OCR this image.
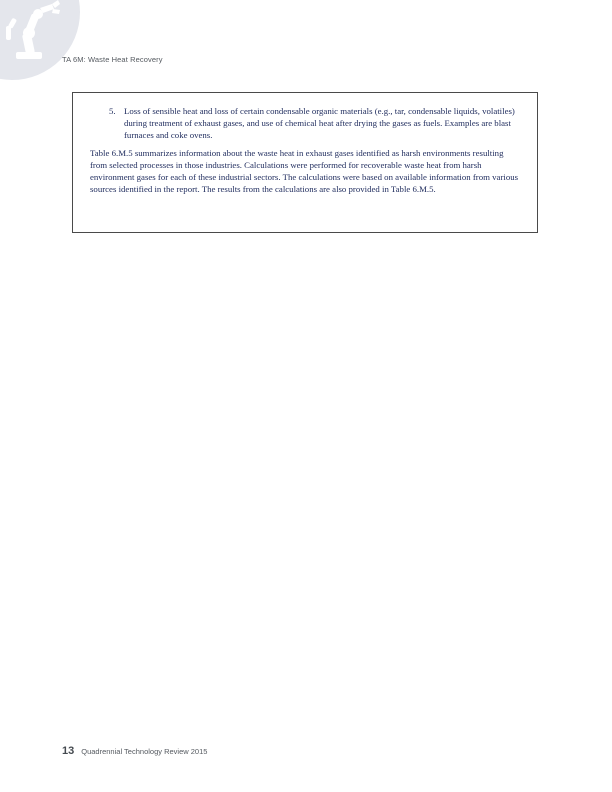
TA 6M: Waste Heat Recovery
5. Loss of sensible heat and loss of certain condensable organic materials (e.g., tar, condensable liquids, volatiles) during treatment of exhaust gases, and use of chemical heat after drying the gases as fuels. Examples are blast furnaces and coke ovens.

Table 6.M.5 summarizes information about the waste heat in exhaust gases identified as harsh environments resulting from selected processes in those industries. Calculations were performed for recoverable waste heat from harsh environment gases for each of these industrial sectors. The calculations were based on available information from various sources identified in the report. The results from the calculations are also provided in Table 6.M.5.

13 Quadrennial Technology Review 2015
